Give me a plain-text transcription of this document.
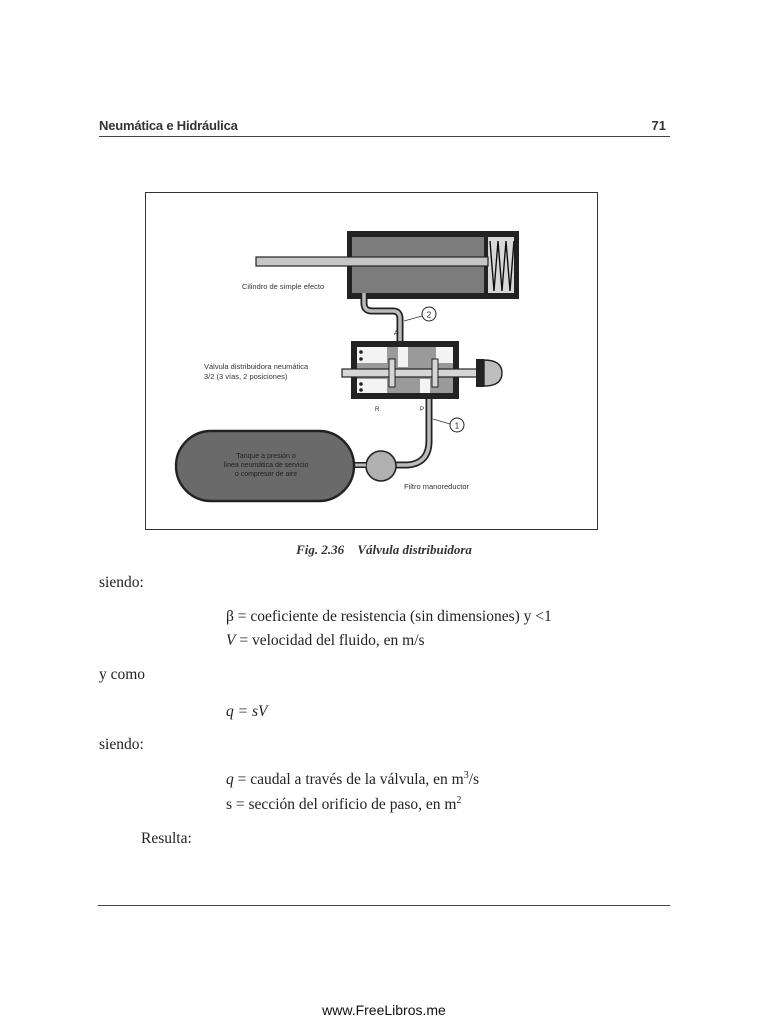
Neumática e Hidráulica	71
Cilindro de simple efecto
2
A
Válvula distribuidora neumática
3/2 (3 vías, 2 posiciones)
R	P
1
Filtro manoreductor
Tanque a presión o
línea neumática de servicio
o compresor de aire
Fig. 2.36 Válvula distribuidora
siendo:
β = coeficiente de resistencia (sin dimensiones) y <1
V = velocidad del fluido, en m/s
y como
q = sV
siendo:
q = caudal a través de la válvula, en $m^3/s$
s = sección del orificio de paso, en $m^2$
Resulta:
www.FreeLibros.me
